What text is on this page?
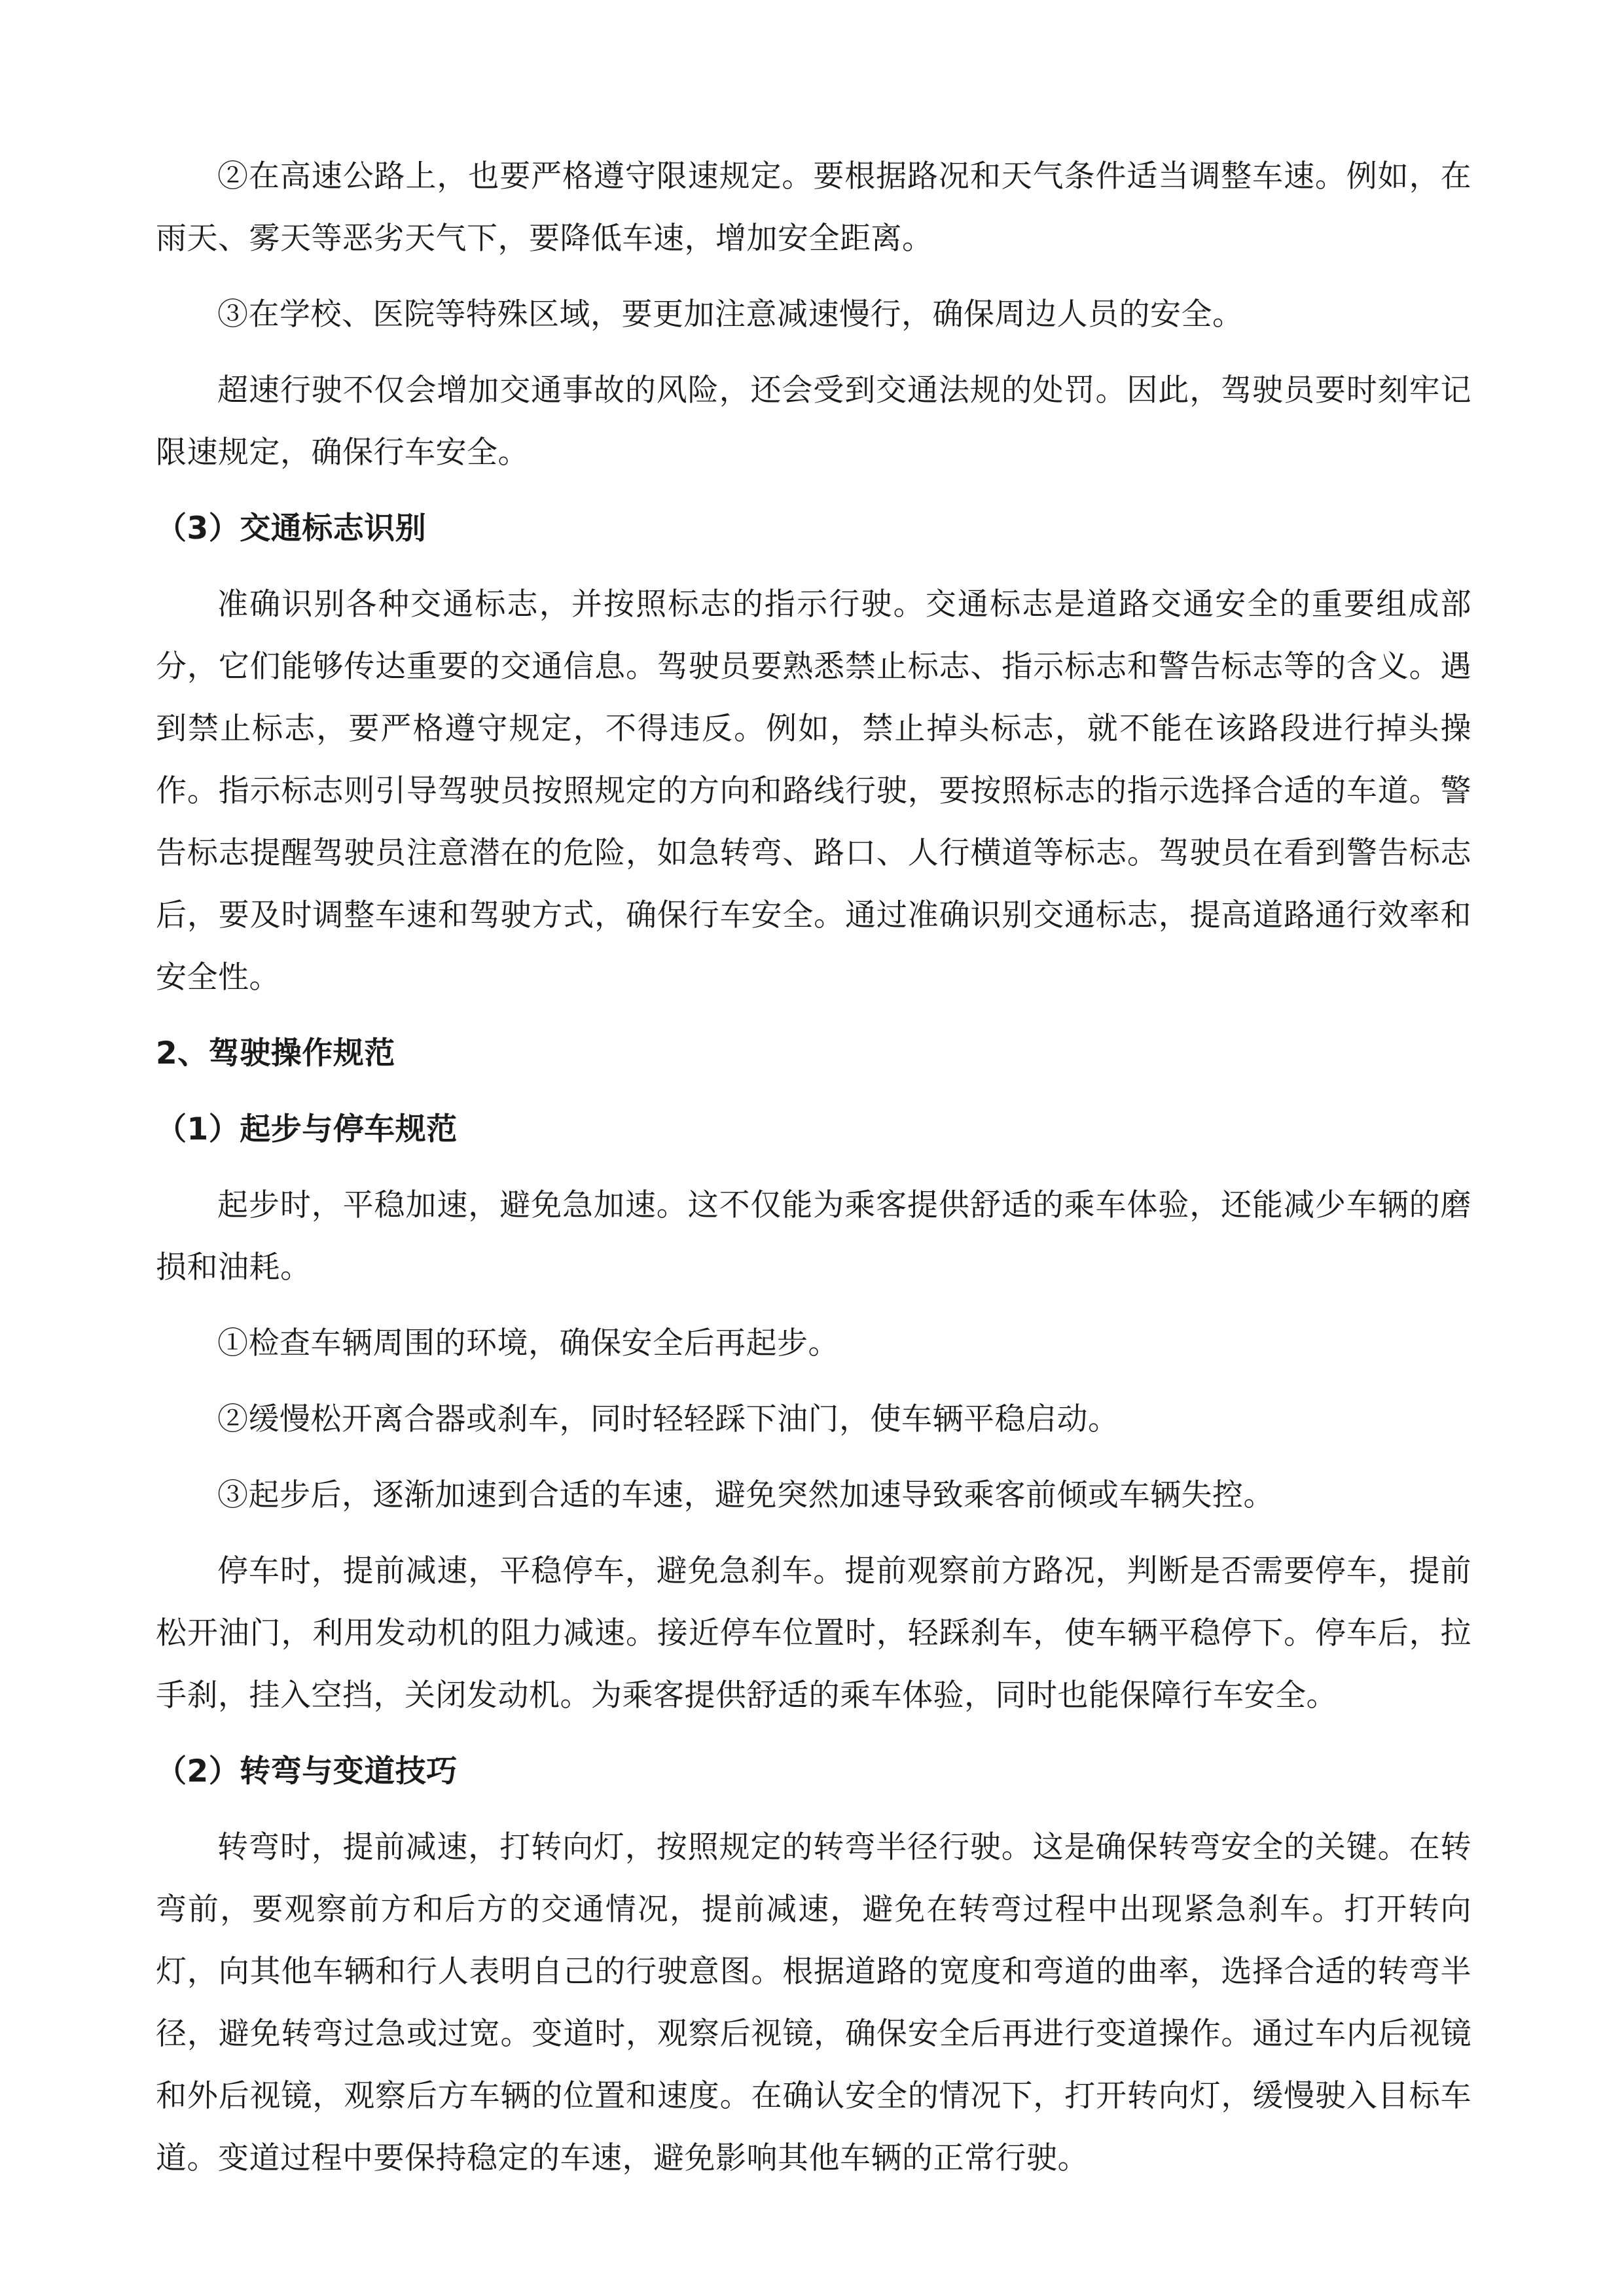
②在高速公路上，也要严格遵守限速规定。要根据路况和天气条件适当调整车速。例如，在雨天、雾天等恶劣天气下，要降低车速，增加安全距离。

③在学校、医院等特殊区域，要更加注意减速慢行，确保周边人员的安全。

超速行驶不仅会增加交通事故的风险，还会受到交通法规的处罚。因此，驾驶员要时刻牢记限速规定，确保行车安全。

（3）交通标志识别

准确识别各种交通标志，并按照标志的指示行驶。交通标志是道路交通安全的重要组成部分，它们能够传达重要的交通信息。驾驶员要熟悉禁止标志、指示标志和警告标志等的含义。遇到禁止标志，要严格遵守规定，不得违反。例如，禁止掉头标志，就不能在该路段进行掉头操作。指示标志则引导驾驶员按照规定的方向和路线行驶，要按照标志的指示选择合适的车道。警告标志提醒驾驶员注意潜在的危险，如急转弯、路口、人行横道等标志。驾驶员在看到警告标志后，要及时调整车速和驾驶方式，确保行车安全。通过准确识别交通标志，提高道路通行效率和安全性。

2、驾驶操作规范

（1）起步与停车规范

起步时，平稳加速，避免急加速。这不仅能为乘客提供舒适的乘车体验，还能减少车辆的磨损和油耗。

①检查车辆周围的环境，确保安全后再起步。

②缓慢松开离合器或刹车，同时轻轻踩下油门，使车辆平稳启动。

③起步后，逐渐加速到合适的车速，避免突然加速导致乘客前倾或车辆失控。

停车时，提前减速，平稳停车，避免急刹车。提前观察前方路况，判断是否需要停车，提前松开油门，利用发动机的阻力减速。接近停车位置时，轻踩刹车，使车辆平稳停下。停车后，拉手刹，挂入空挡，关闭发动机。为乘客提供舒适的乘车体验，同时也能保障行车安全。

（2）转弯与变道技巧

转弯时，提前减速，打转向灯，按照规定的转弯半径行驶。这是确保转弯安全的关键。在转弯前，要观察前方和后方的交通情况，提前减速，避免在转弯过程中出现紧急刹车。打开转向灯，向其他车辆和行人表明自己的行驶意图。根据道路的宽度和弯道的曲率，选择合适的转弯半径，避免转弯过急或过宽。变道时，观察后视镜，确保安全后再进行变道操作。通过车内后视镜和外后视镜，观察后方车辆的位置和速度。在确认安全的情况下，打开转向灯，缓慢驶入目标车道。变道过程中要保持稳定的车速，避免影响其他车辆的正常行驶。
